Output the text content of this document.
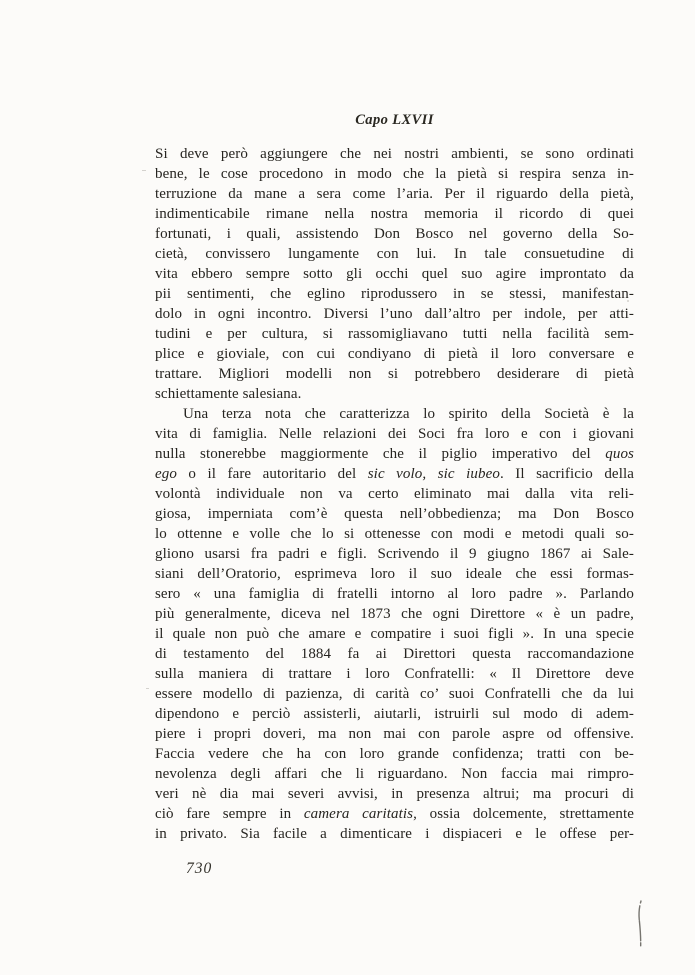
Capo LXVII
Si deve però aggiungere che nei nostri ambienti, se sono ordinati
bene, le cose procedono in modo che la pietà si respira senza in-
terruzione da mane a sera come l’aria. Per il riguardo della pietà,
indimenticabile rimane nella nostra memoria il ricordo di quei
fortunati, i quali, assistendo Don Bosco nel governo della So-
cietà, convissero lungamente con lui. In tale consuetudine di
vita ebbero sempre sotto gli occhi quel suo agire improntato da
pii sentimenti, che eglino riprodussero in se stessi, manifestan-
dolo in ogni incontro. Diversi l’uno dall’altro per indole, per atti-
tudini e per cultura, si rassomigliavano tutti nella facilità sem-
plice e gioviale, con cui condiyano di pietà il loro conversare e
trattare. Migliori modelli non si potrebbero desiderare di pietà
schiettamente salesiana.
Una terza nota che caratterizza lo spirito della Società è la
vita di famiglia. Nelle relazioni dei Soci fra loro e con i giovani
nulla stonerebbe maggiormente che il piglio imperativo del quos
ego o il fare autoritario del sic volo, sic iubeo. Il sacrificio della
volontà individuale non va certo eliminato mai dalla vita reli-
giosa, imperniata com’è questa nell’obbedienza; ma Don Bosco
lo ottenne e volle che lo si ottenesse con modi e metodi quali so-
gliono usarsi fra padri e figli. Scrivendo il 9 giugno 1867 ai Sale-
siani dell’Oratorio, esprimeva loro il suo ideale che essi formas-
sero « una famiglia di fratelli intorno al loro padre ». Parlando
più generalmente, diceva nel 1873 che ogni Direttore « è un padre,
il quale non può che amare e compatire i suoi figli ». In una specie
di testamento del 1884 fa ai Direttori questa raccomandazione
sulla maniera di trattare i loro Confratelli: « Il Direttore deve
essere modello di pazienza, di carità co’ suoi Confratelli che da lui
dipendono e perciò assisterli, aiutarli, istruirli sul modo di adem-
piere i propri doveri, ma non mai con parole aspre od offensive.
Faccia vedere che ha con loro grande confidenza; tratti con be-
nevolenza degli affari che li riguardano. Non faccia mai rimpro-
veri nè dia mai severi avvisi, in presenza altrui; ma procuri di
ciò fare sempre in camera caritatis, ossia dolcemente, strettamente
in privato. Sia facile a dimenticare i dispiaceri e le offese per-
730
